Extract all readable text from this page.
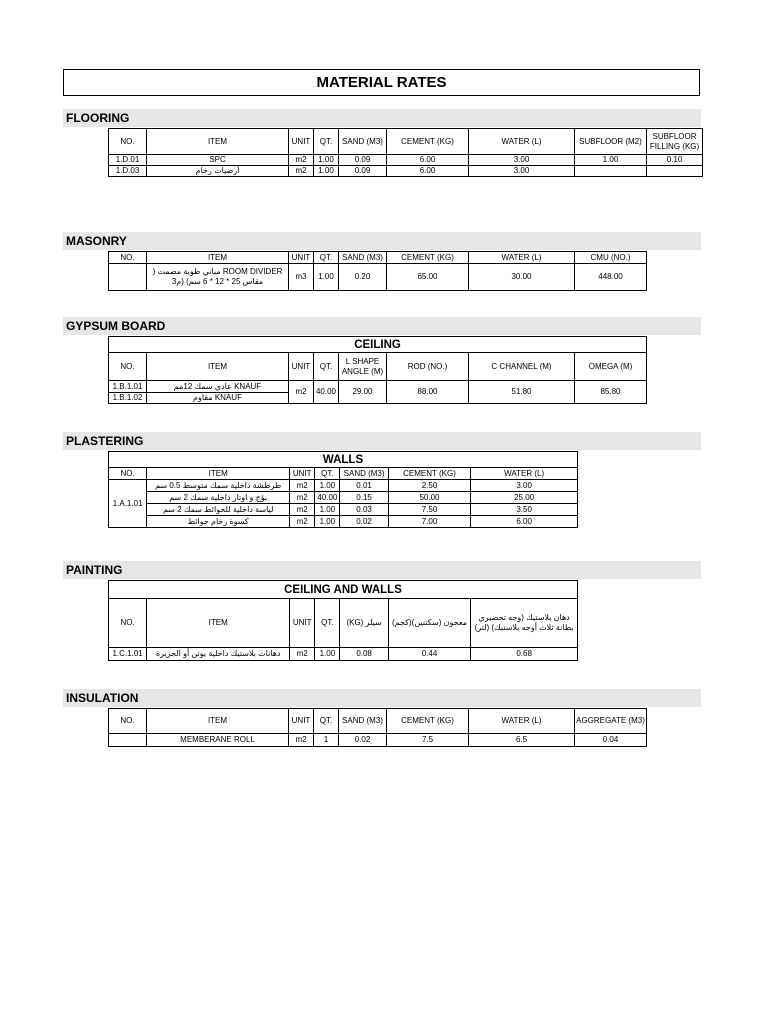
MATERIAL RATES
FLOORING
NO.	ITEM	UNIT	QT.	SAND (M3)	CEMENT (KG)	WATER (L)	SUBFLOOR (M2)	SUBFLOOR FILLING (KG)
1.D.01	SPC	m2	1.00	0.09	6.00	3.00	1.00	0.10
1.D.03	أرضيات رخام	m2	1.00	0.09	6.00	3.00		
MASONRY
NO.	ITEM	UNIT	QT.	SAND (M3)	CEMENT (KG)	WATER (L)	CMU (NO.)
	ROOM DIVIDER مباني طوبة مصمت ( مقاس 25 * 12 * 6 سم) (م3	m3	1.00	0.20	65.00	30.00	448.00
GYPSUM BOARD
CEILING							
NO.	ITEM	UNIT	QT.	L SHAPE ANGLE (M)	ROD (NO.)	C CHANNEL (M)	OMEGA (M)
1.B.1.01	KNAUF عادي سمك 12مم	m2	40.00	29.00	88.00	51.80	85.80
1.B.1.02	KNAUF مقاوم						
PLASTERING
WALLS						
NO.	ITEM	UNIT	QT.	SAND (M3)	CEMENT (KG)	WATER (L)
1.A.1.01	طرطشة داخلية سمك متوسط 0.5 سم	m2	1.00	0.01	2.50	3.00
	بؤج و اوتار داخلية سمك 2 سم	m2	40.00	0.15	50.00	25.00
	لياسة داخلية للحوائط سمك 2 سم	m2	1.00	0.03	7.50	3.50
	كسوة رخام حوائط	m2	1.00	0.02	7.00	6.00
PAINTING
CEILING AND WALLS						
NO.	ITEM	UNIT	QT.	سيلر (KG)	معجون (سكتنين)(كجم)	دهان بلاستيك (وجه تحضيري بطانة ثلاث أوجه بلاستيك) (لتر)
1.C.1.01	دهانات بلاستيك داخلية يوتن أو الجزيرة	m2	1.00	0.08	0.44	0.68
INSULATION
NO.	ITEM	UNIT	QT.	SAND (M3)	CEMENT (KG)	WATER (L)	AGGREGATE (M3)
	MEMBERANE ROLL	m2	1	0.02	7.5	6.5	0.04
